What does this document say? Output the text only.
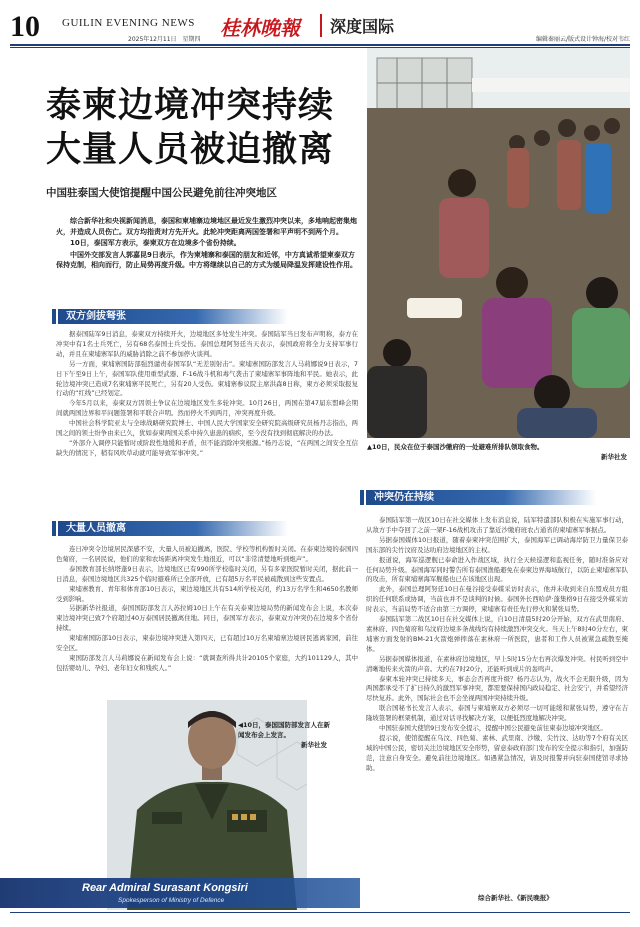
10 GUILIN EVENING NEWS
2025年12月11日　星期四 桂林晚報	深度国际
编辑秦丽云/版式设计钟海/校对韦红
▲10日，民众在位于泰国沙缴府的一处避难所排队领取食物。
新华社发
泰柬边境冲突持续
大量人员被迫撤离
中国驻泰国大使馆提醒中国公民避免前往冲突地区

综合新华社和央视新闻消息，泰国和柬埔寨边境地区最近发生激烈冲突以来，多地响起密集炮火，并造成人员伤亡。双方均指责对方先开火。此轮冲突距离两国签署和平声明不到两个月。

10日，泰国军方表示，泰柬双方在边境多个省份持续。

中国外交部发言人郭嘉昆9日表示，作为柬埔寨和泰国的朋友和近邻，中方真诚希望柬泰双方保持克制，相向而行，防止局势再度升级。中方将继续以自己的方式为缓局降温发挥建设性作用。

双方剑拔弩张

据泰国陆军9日消息，泰柬双方持续开火，边境地区多处发生冲突。泰国陆军当日发布声明称，泰方在冲突中有1名士兵死亡，另有68名泰国士兵受伤。泰国总理阿努廷当天表示，泰国政府将全力支持军事行动，并且在柬埔寨军队的威胁消除之前不参加停火谈判。

另一方面，柬埔寨国防部强烈谴责泰国军队“无差别射击”。柬埔寨国防部发言人马莉娜说9日表示，7日下午至9日上午，泰国军队使用重型武器、F-16战斗机和毒气袭击了柬埔寨军事阵地和平民。她表示，此轮边境冲突已造成7名柬埔寨平民死亡，另有20人受伤。柬埔寨参议院主席洪森8日称，柬方必须采取报复行动的“红线”已经划定。

今年5月以来，泰柬双方因领土争议在边境地区发生多轮冲突。10月26日，两国在第47届东盟峰会期间就两国边界和平问题签署和平联合声明。然而停火不到两月，冲突再度升级。

中国社会科学院亚太与全球战略研究院博士、中国人民大学国家安全研究院高级研究员杨丹志指出，两国之间的领土纷争由来已久，犹如泰柬两国关系中持久患患的痼疾，至今没有找到彻底解决的办法。

“外部介入调停只能暂时或阶段性地缓和矛盾，但不能消除冲突根源。”杨丹志说，“在两国之间安全互信缺失的情况下，稍有风吹草动就可能导致军事冲突。”

大量人员撤离

连日冲突令边境居民深感不安，大量人员被迫撤离，医院、学校等机构暂时关闭。在泰柬边境的泰国四色菊府，一名居民说，他们的家和农场距离冲突发生地很近，可以“非常清楚地听到炮声”。

泰国教育部长纳塔蓬9日表示，边境地区已有990所学校临时关闭，另有多家医院暂时关闭，据此前一日消息，泰国边境地区共325个临时避难所已全部开放，已有超5万名平民被疏散到这些安置点。

柬埔寨教育、青年和体育部10日表示，柬边境地区共有514所学校关闭，约13万名学生和4650名教师受到影响。

另据新华社报道，泰国国防部发言人苏拉姆10日上午在有关泰柬边境局势的新闻发布会上说，本次泰柬边境冲突已致7个府超过40万泰国居民撤离住地。同日，泰国军方表示，泰柬双方冲突仍在边境多个省份持续。

柬埔寨国防部10日表示，柬泰边境冲突进入第四天，已有超过10万名柬埔寨边境居民逃离家园，前往安全区。

柬国防部发言人马莉娜说在新闻发布会上说：“就调查所得共计20105个家庭，大约101129人，其中包括婴幼儿、孕妇、老年妇女和残疾人。”

◀10日，泰国国防部发言人在新闻发布会上发言。
新华社发
Rear Admiral Surasant Kongsiri
Spokesperson of Ministry of Defence
冲突仍在持续

泰国陆军第一战区10日在社交媒体上发布消息说，陆军特遣部队积极在实施军事行动，从敌方手中夺回了之前一架F-16战机攻击了靠近沙缴府班农占通省的柬埔寨军事据点。

另据泰国媒体10日报道，随着泰柬冲突范围扩大，泰国海军已调动海岸防卫力量保卫泰国东部的尖竹汶府及达叻府边境地区的主权。

报道说，海军巡逻舰已奉命进入作战区域，执行全天候巡逻和监视任务，随时准备应对任何局势升级。泰国海军同时警告所有泰国渔船避免在泰柬边界海域航行，以防止柬埔寨军队的攻击，所有柬埔寨海军舰船也已在该地区出现。

此外，泰国总理阿努廷10日在曼谷接受泰媒采访时表示，他并未收到来自东盟成员方组织的任何联系或协调，当前也并不是谈判的时候。泰国外长西哈萨·蓬集格9日在接受外媒采访时表示，当前局势不适合由第三方调停，柬埔寨有责任先行停火和紧张局势。

泰国陆军第二战区10日在社交媒体上说，自10日清晨5时20分开始，双方在武里南府、素林府、四色菊府和乌汶府边境多条战线均有持续激烈冲突交火。当天上午8时40分左右，柬埔寨方面发射的BM-21火箭炮弹摔落在素林府一所医院，患者和工作人员被紧急疏散至掩体。

另据泰国媒体报道，在素林府边境地区，早上5时15分左右再次爆发冲突。村民听到空中清晰地传来火箭的声音。大约在7时20分，还能听到成片的轰鸣声。

泰柬本轮冲突已持续多天，事态会否再度升级？杨丹志认为，战火不会无限升级，因为两国都承受不了扩日持久的激烈军事冲突，都需要保持国内政局稳定、社会安宁，并希望经济尽快复苏。此外，国际社会也不会坐视两国冲突持续升级。

联合国秘书长发言人表示，泰国与柬埔寨双方必须尽一切可能缓和紧张局势，遵守在吉隆坡签署的框架机制，通过对话寻找解决方案，以便低烈度地解决冲突。

中国驻泰国大使馆9日发布安全提示，提醒中国公民避免前往柬泰边境冲突地区。

提示说，使馆提醒在乌汶、四色菊、素林、武里南、沙缴、尖竹汶、达叻等7个府有关区域的中国公民，密切关注边境地区安全形势，留意泰政府部门发布的安全提示和指引，加强防范，注意自身安全。避免前往边境地区。如遇紧急情况，请及时报警并向驻泰国使馆寻求协助。

综合新华社、《新民晚报》
